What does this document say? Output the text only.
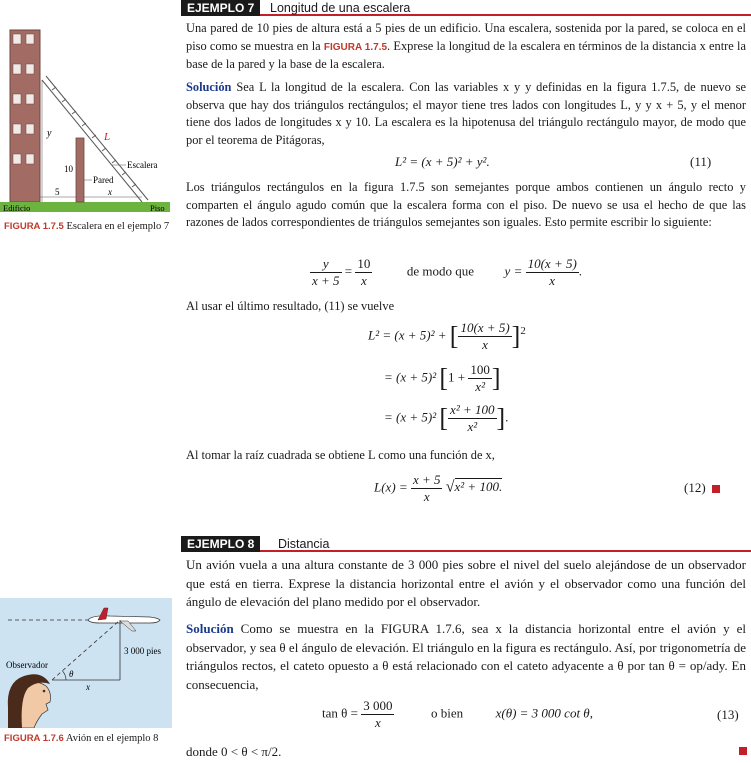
EJEMPLO 7	Longitud de una escalera
Una pared de 10 pies de altura está a 5 pies de un edificio. Una escalera, sostenida por la pared, se coloca en el piso como se muestra en la FIGURA 1.7.5. Exprese la longitud de la escalera en términos de la distancia x entre la base de la pared y la base de la escalera.
Solución Sea L la longitud de la escalera. Con las variables x y y definidas en la figura 1.7.5, de nuevo se observa que hay dos triángulos rectángulos; el mayor tiene tres lados con longitudes L, y y x + 5, y el menor tiene dos lados de longitudes x y 10. La escalera es la hipotenusa del triángulo rectángulo mayor, de modo que por el teorema de Pitágoras,
L² = (x + 5)² + y².	(11)
Los triángulos rectángulos en la figura 1.7.5 son semejantes porque ambos contienen un ángulo recto y comparten el ángulo agudo común que la escalera forma con el piso. De nuevo se usa el hecho de que las razones de lados correspondientes de triángulos semejantes son iguales. Esto permite escribir lo siguiente:
$\frac{y}{x + 5} = \frac{10}{x}$	de modo que $y = \frac{10(x + 5)}{x}$ .
Al usar el último resultado, (11) se vuelve
L² = (x + 5)² + [ $\frac{10(x + 5)}{x} ]^2$
= (x + 5)² [$1 + \frac{100}{\text{x²}}$ ]
= (x + 5)² [ $\frac{\text{x² + 100}}{\text{x²}}$ ].
Al tomar la raíz cuadrada se obtiene L como una función de x,
$L(x) = \frac{x + 5}{x} √x^2 + 100$.	(12)
y	L
10
Pared
Escalera
5	x
Edificio	Piso
FIGURA 1.7.5 Escalera en el ejemplo 7
EJEMPLO 8	Distancia
Un avión vuela a una altura constante de 3 000 pies sobre el nivel del suelo alejándose de un observador que está en tierra. Exprese la distancia horizontal entre el avión y el observador como una función del ángulo de elevación del plano medido por el observador.
Solución Como se muestra en la FIGURA 1.7.6, sea x la distancia horizontal entre el avión y el observador, y sea θ el ángulo de elevación. El triángulo en la figura es rectángulo. Así, por trigonometría de triángulos rectos, el cateto opuesto a θ está relacionado con el cateto adyacente a θ por tan θ = op/ady. En consecuencia,
$\tan \theta = \frac{3 000}{x}$	o bien	x(θ) = 3 000 cot θ,	(13)
donde 0 < θ < π/2.
Observador
3 000 pies
θ
x
FIGURA 1.7.6 Avión en el ejemplo 8
